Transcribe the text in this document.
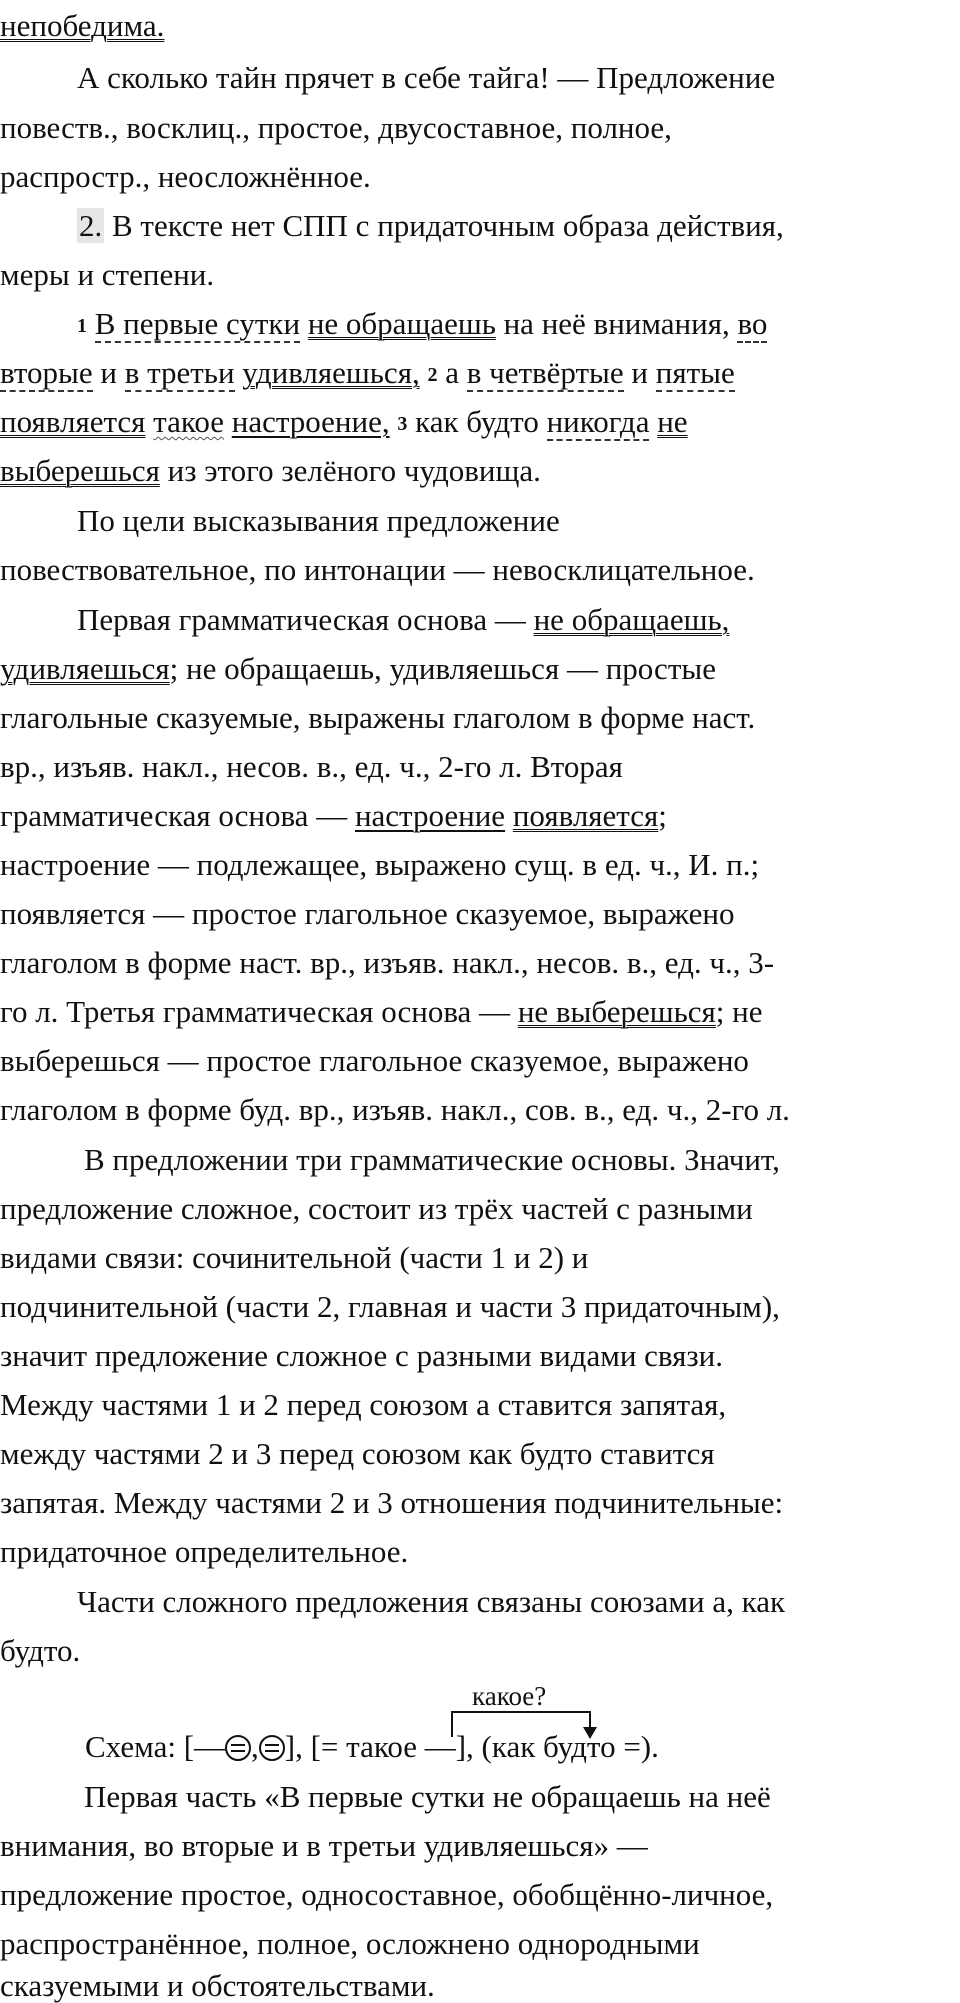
непобедима.
А сколько тайн прячет в себе тайга! — Предложение
повеств., восклиц., простое, двусоставное, полное,
распростр., неосложнённое.
2. В тексте нет СПП с придаточным образа действия,
меры и степени.
1 В первые сутки не обращаешь на неё внимания, во
вторые и в третьи удивляешься, 2 а в четвёртые и пятые
появляется такое настроение, 3 как будто никогда не
выберешься из этого зелёного чудовища.
По цели высказывания предложение
повествовательное, по интонации — невосклицательное.
Первая грамматическая основа — не обращаешь,
удивляешься; не обращаешь, удивляешься — простые
глагольные сказуемые, выражены глаголом в форме наст.
вр., изъяв. накл., несов. в., ед. ч., 2-го л. Вторая
грамматическая основа — настроение появляется;
настроение — подлежащее, выражено сущ. в ед. ч., И. п.;
появляется — простое глагольное сказуемое, выражено
глаголом в форме наст. вр., изъяв. накл., несов. в., ед. ч., 3-
го л. Третья грамматическая основа — не выберешься; не
выберешься — простое глагольное сказуемое, выражено
глаголом в форме буд. вр., изъяв. накл., сов. в., ед. ч., 2-го л.
В предложении три грамматические основы. Значит,
предложение сложное, состоит из трёх частей с разными
видами связи: сочинительной (части 1 и 2) и
подчинительной (части 2, главная и части 3 придаточным),
значит предложение сложное с разными видами связи.
Между частями 1 и 2 перед союзом а ставится запятая,
между частями 2 и 3 перед союзом как будто ставится
запятая. Между частями 2 и 3 отношения подчинительные:
придаточное определительное.
Части сложного предложения связаны союзами а, как
будто.
какое?
Схема: [— , ], [= такое —], (как будто =).
Первая часть «В первые сутки не обращаешь на неё
внимания, во вторые и в третьи удивляешься» —
предложение простое, односоставное, обобщённо-личное,
распространённое, полное, осложнено однородными
сказуемыми и обстоятельствами.
